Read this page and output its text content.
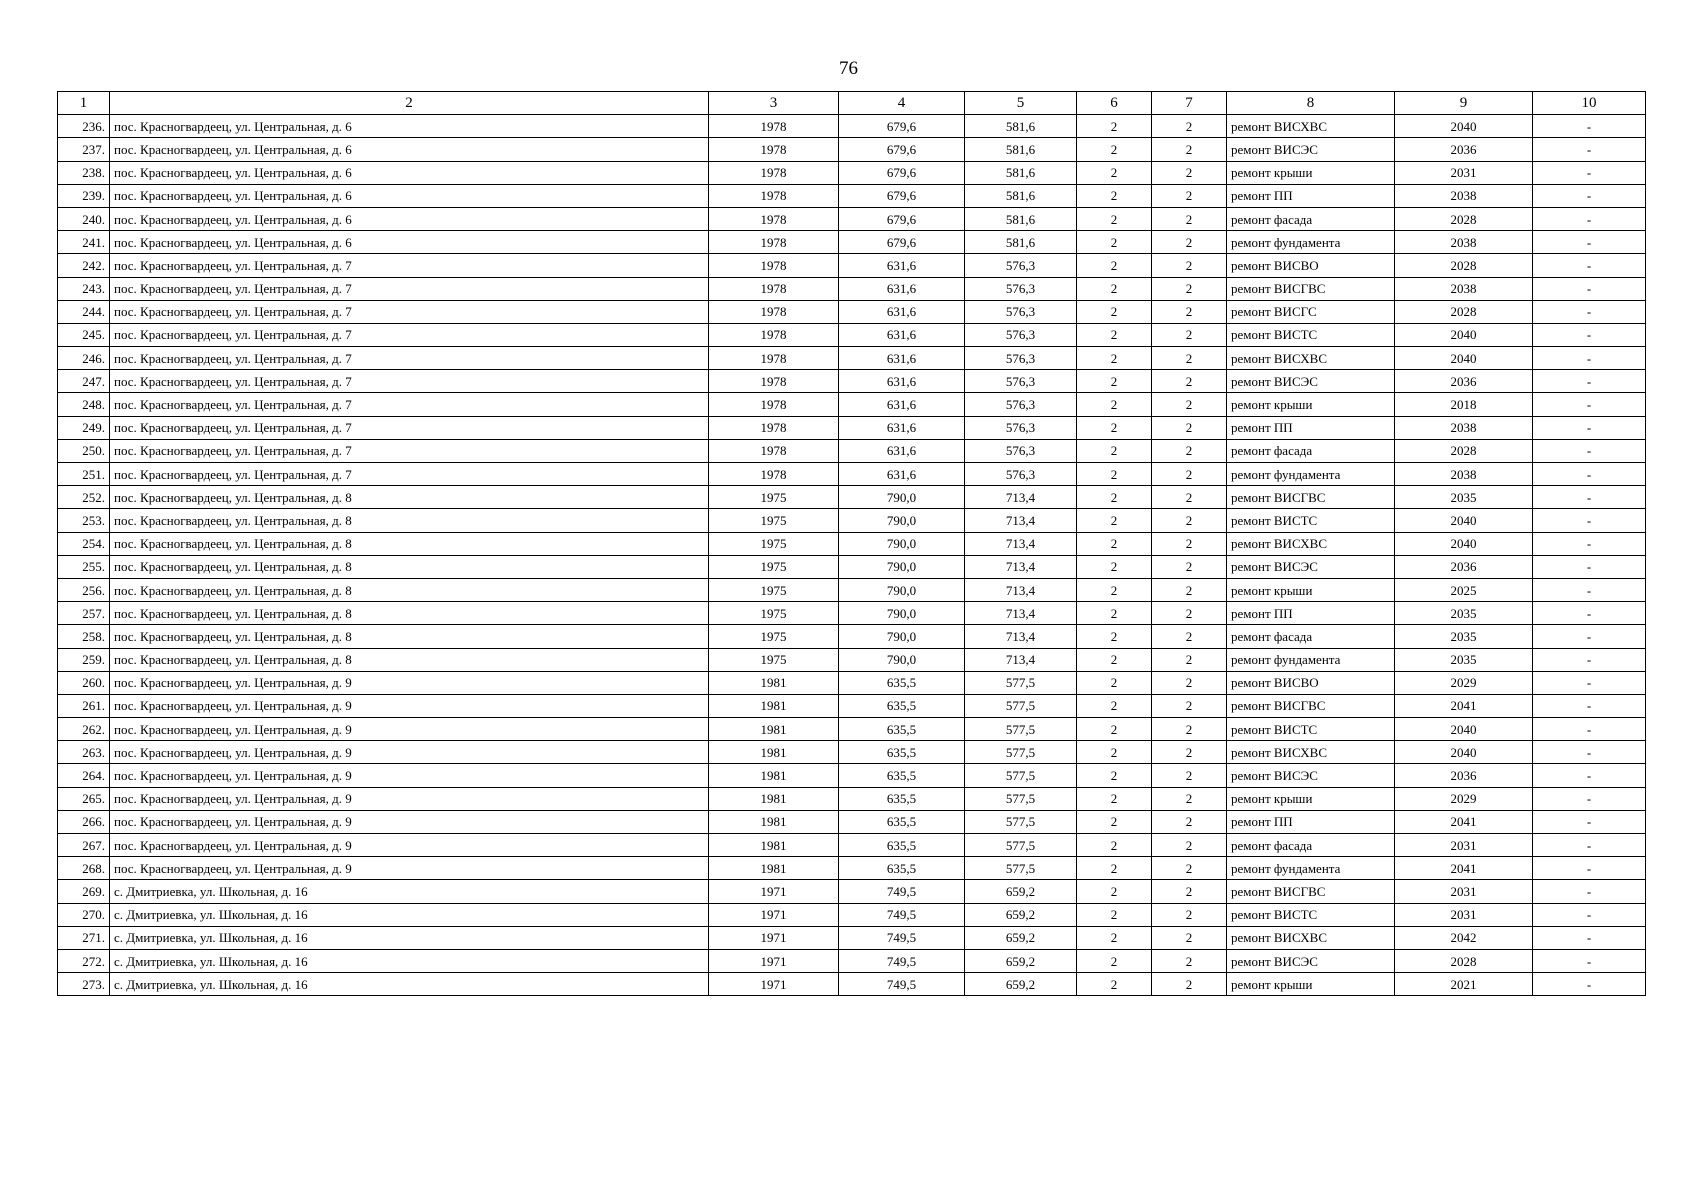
76
1	2	3	4	5	6	7	8	9	10
236.	пос. Красногвардеец, ул. Центральная, д. 6	1978	679,6	581,6	2	2	ремонт ВИСХВС	2040	-
237.	пос. Красногвардеец, ул. Центральная, д. 6	1978	679,6	581,6	2	2	ремонт ВИСЭС	2036	-
238.	пос. Красногвардеец, ул. Центральная, д. 6	1978	679,6	581,6	2	2	ремонт крыши	2031	-
239.	пос. Красногвардеец, ул. Центральная, д. 6	1978	679,6	581,6	2	2	ремонт ПП	2038	-
240.	пос. Красногвардеец, ул. Центральная, д. 6	1978	679,6	581,6	2	2	ремонт фасада	2028	-
241.	пос. Красногвардеец, ул. Центральная, д. 6	1978	679,6	581,6	2	2	ремонт фундамента	2038	-
242.	пос. Красногвардеец, ул. Центральная, д. 7	1978	631,6	576,3	2	2	ремонт ВИСВО	2028	-
243.	пос. Красногвардеец, ул. Центральная, д. 7	1978	631,6	576,3	2	2	ремонт ВИСГВС	2038	-
244.	пос. Красногвардеец, ул. Центральная, д. 7	1978	631,6	576,3	2	2	ремонт ВИСГС	2028	-
245.	пос. Красногвардеец, ул. Центральная, д. 7	1978	631,6	576,3	2	2	ремонт ВИСТС	2040	-
246.	пос. Красногвардеец, ул. Центральная, д. 7	1978	631,6	576,3	2	2	ремонт ВИСХВС	2040	-
247.	пос. Красногвардеец, ул. Центральная, д. 7	1978	631,6	576,3	2	2	ремонт ВИСЭС	2036	-
248.	пос. Красногвардеец, ул. Центральная, д. 7	1978	631,6	576,3	2	2	ремонт крыши	2018	-
249.	пос. Красногвардеец, ул. Центральная, д. 7	1978	631,6	576,3	2	2	ремонт ПП	2038	-
250.	пос. Красногвардеец, ул. Центральная, д. 7	1978	631,6	576,3	2	2	ремонт фасада	2028	-
251.	пос. Красногвардеец, ул. Центральная, д. 7	1978	631,6	576,3	2	2	ремонт фундамента	2038	-
252.	пос. Красногвардеец, ул. Центральная, д. 8	1975	790,0	713,4	2	2	ремонт ВИСГВС	2035	-
253.	пос. Красногвардеец, ул. Центральная, д. 8	1975	790,0	713,4	2	2	ремонт ВИСТС	2040	-
254.	пос. Красногвардеец, ул. Центральная, д. 8	1975	790,0	713,4	2	2	ремонт ВИСХВС	2040	-
255.	пос. Красногвардеец, ул. Центральная, д. 8	1975	790,0	713,4	2	2	ремонт ВИСЭС	2036	-
256.	пос. Красногвардеец, ул. Центральная, д. 8	1975	790,0	713,4	2	2	ремонт крыши	2025	-
257.	пос. Красногвардеец, ул. Центральная, д. 8	1975	790,0	713,4	2	2	ремонт ПП	2035	-
258.	пос. Красногвардеец, ул. Центральная, д. 8	1975	790,0	713,4	2	2	ремонт фасада	2035	-
259.	пос. Красногвардеец, ул. Центральная, д. 8	1975	790,0	713,4	2	2	ремонт фундамента	2035	-
260.	пос. Красногвардеец, ул. Центральная, д. 9	1981	635,5	577,5	2	2	ремонт ВИСВО	2029	-
261.	пос. Красногвардеец, ул. Центральная, д. 9	1981	635,5	577,5	2	2	ремонт ВИСГВС	2041	-
262.	пос. Красногвардеец, ул. Центральная, д. 9	1981	635,5	577,5	2	2	ремонт ВИСТС	2040	-
263.	пос. Красногвардеец, ул. Центральная, д. 9	1981	635,5	577,5	2	2	ремонт ВИСХВС	2040	-
264.	пос. Красногвардеец, ул. Центральная, д. 9	1981	635,5	577,5	2	2	ремонт ВИСЭС	2036	-
265.	пос. Красногвардеец, ул. Центральная, д. 9	1981	635,5	577,5	2	2	ремонт крыши	2029	-
266.	пос. Красногвардеец, ул. Центральная, д. 9	1981	635,5	577,5	2	2	ремонт ПП	2041	-
267.	пос. Красногвардеец, ул. Центральная, д. 9	1981	635,5	577,5	2	2	ремонт фасада	2031	-
268.	пос. Красногвардеец, ул. Центральная, д. 9	1981	635,5	577,5	2	2	ремонт фундамента	2041	-
269.	с. Дмитриевка, ул. Школьная, д. 16	1971	749,5	659,2	2	2	ремонт ВИСГВС	2031	-
270.	с. Дмитриевка, ул. Школьная, д. 16	1971	749,5	659,2	2	2	ремонт ВИСТС	2031	-
271.	с. Дмитриевка, ул. Школьная, д. 16	1971	749,5	659,2	2	2	ремонт ВИСХВС	2042	-
272.	с. Дмитриевка, ул. Школьная, д. 16	1971	749,5	659,2	2	2	ремонт ВИСЭС	2028	-
273.	с. Дмитриевка, ул. Школьная, д. 16	1971	749,5	659,2	2	2	ремонт крыши	2021	-
